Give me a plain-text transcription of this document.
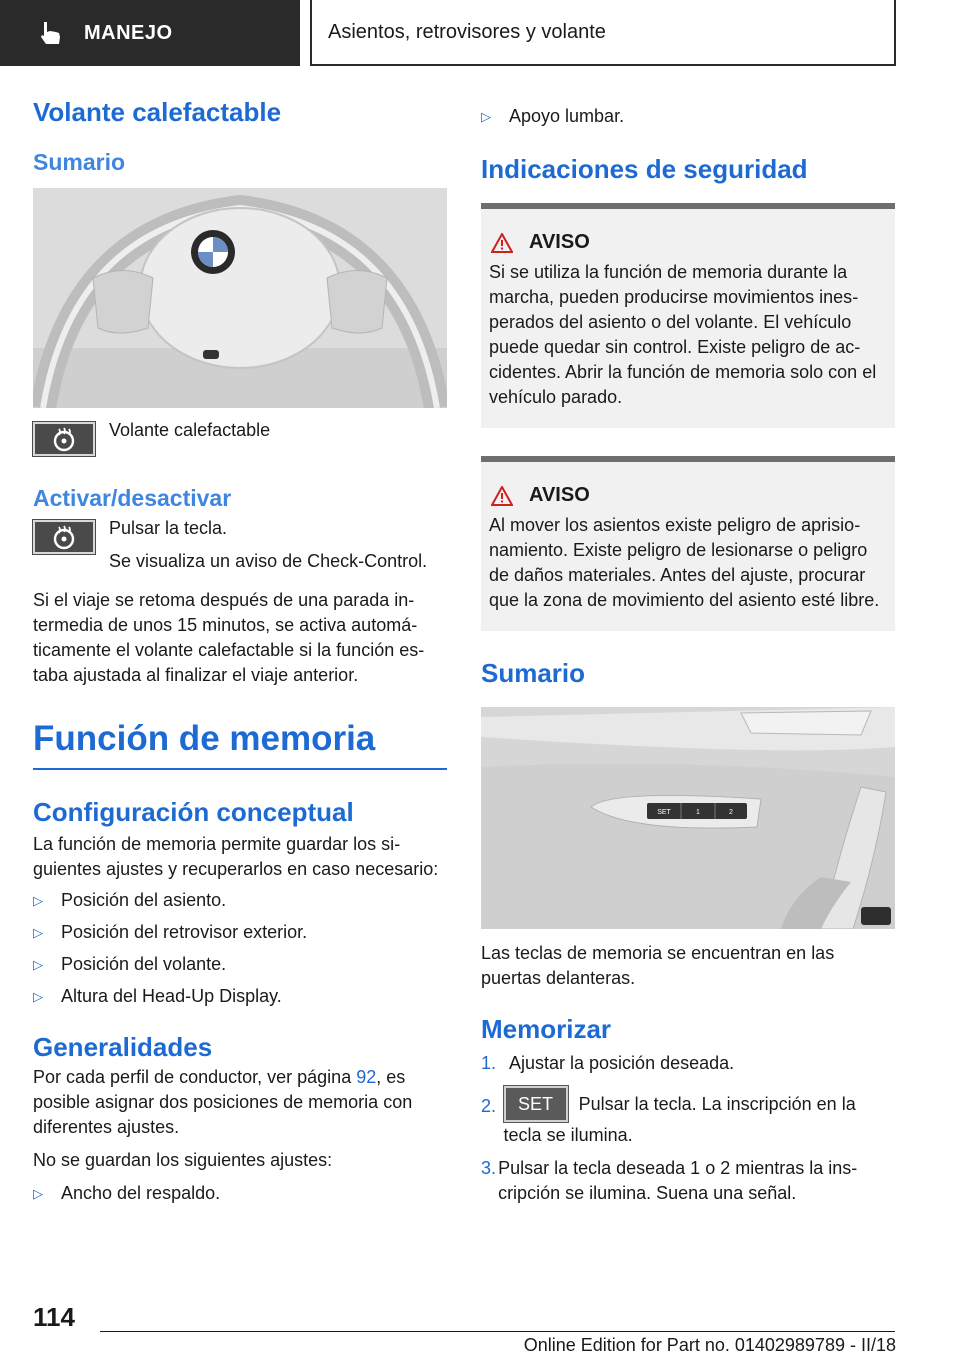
MANEJO	Asientos, retrovisores y volante
Volante calefactable
Sumario
Volante calefactable
Activar/desactivar
Pulsar la tecla.
Se visualiza un aviso de Check-Control.

Si el viaje se retoma después de una parada intermedia de unos 15 minutos, se activa automáticamente el volante calefactable si la función estaba ajustada al finalizar el viaje anterior.

Función de memoria
Configuración conceptual

La función de memoria permite guardar los siguientes ajustes y recuperarlos en caso necesario:

▷	Posición del asiento.
▷	Posición del retrovisor exterior.
▷	Posición del volante.
▷	Altura del Head-Up Display.
Generalidades

Por cada perfil de conductor, ver página 92, es posible asignar dos posiciones de memoria con diferentes ajustes.

No se guardan los siguientes ajustes:

▷	Ancho del respaldo.
▷	Apoyo lumbar.
Indicaciones de seguridad
AVISO

Si se utiliza la función de memoria durante la marcha, pueden producirse movimientos inesperados del asiento o del volante. El vehículo puede quedar sin control. Existe peligro de accidentes. Abrir la función de memoria solo con el vehículo parado.

AVISO

Al mover los asientos existe peligro de aprisionamiento. Existe peligro de lesionarse o peligro de daños materiales. Antes del ajuste, procurar que la zona de movimiento del asiento esté libre.

Sumario
SET	1	2

Las teclas de memoria se encuentran en las puertas delanteras.

Memorizar
1. Ajustar la posición deseada.
2.	SET Pulsar la tecla. La inscripción en la tecla se ilumina.
3. Pulsar la tecla deseada 1 o 2 mientras la inscripción se ilumina. Suena una señal.
114
Online Edition for Part no. 01402989789 - II/18
